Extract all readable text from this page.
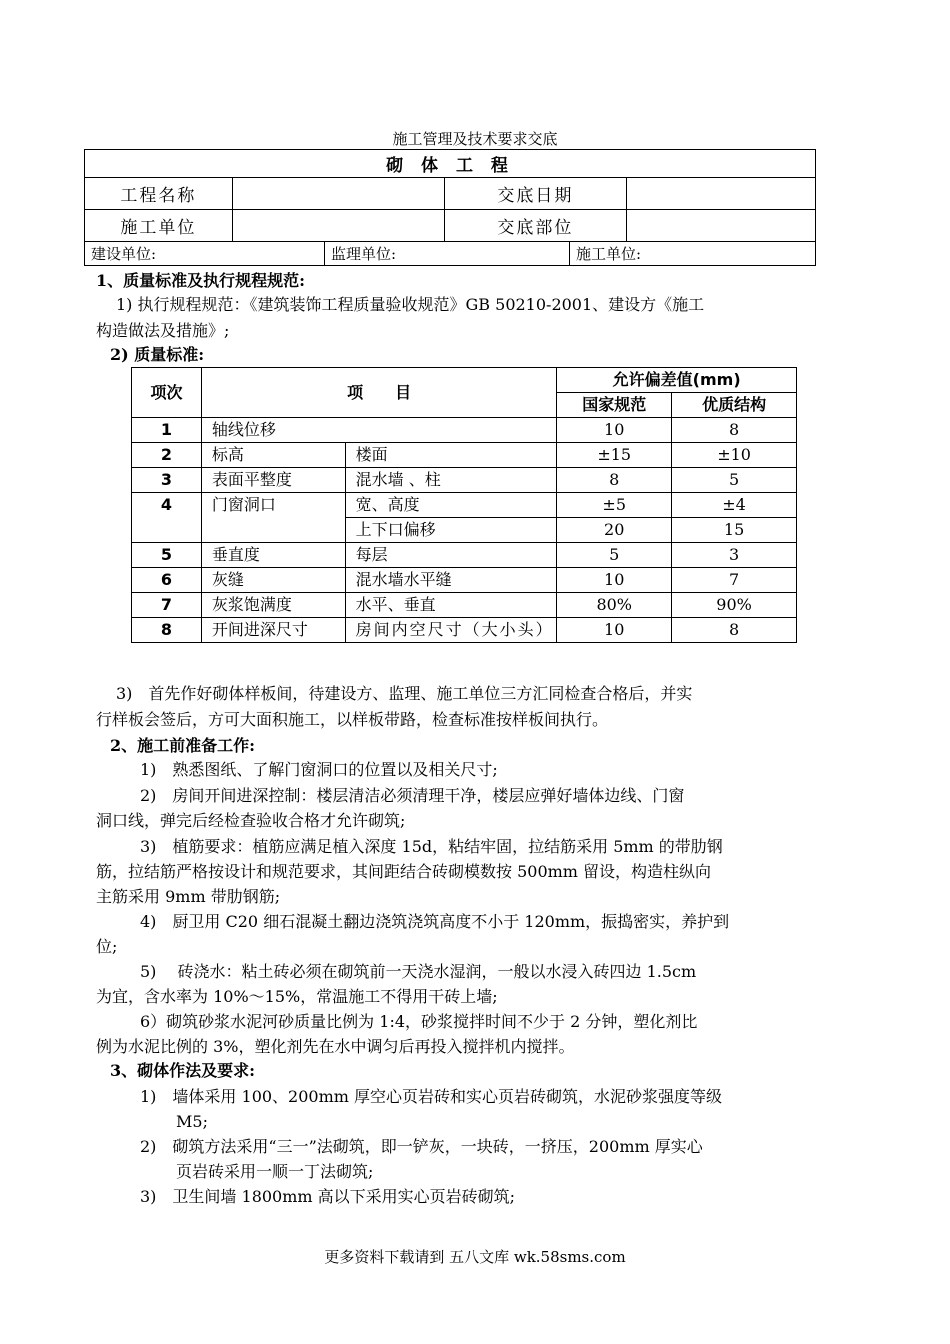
施工管理及技术要求交底
砌 体 工 程			
工程名称		交底日期	
施工单位		交底部位	
建设单位:	监理单位:	施工单位:
1、质量标准及执行规程规范:
1) 执行规程规范：《建筑装饰工程质量验收规范》GB 50210-2001、建设方《施工
构造做法及措施》;
2) 质量标准:
项次	项　　目		允许偏差值(mm)	
			国家规范	优质结构
1	轴线位移		10	8
2	标高	楼面	±15	±10
3	表面平整度	混水墙 、柱	8	5
4	门窗洞口	宽、高度	±5	±4
		上下口偏移	20	15
5	垂直度	每层	5	3
6	灰缝	混水墙水平缝	10	7
7	灰浆饱满度	水平、垂直	80%	90%
8	开间进深尺寸	房间内空尺寸（大小头）	10	8
3)　首先作好砌体样板间，待建设方、监理、施工单位三方汇同检查合格后，并实
行样板会签后，方可大面积施工，以样板带路，检查标准按样板间执行。
2、施工前准备工作:
1)　熟悉图纸、了解门窗洞口的位置以及相关尺寸;
2)　房间开间进深控制：楼层清洁必须清理干净，楼层应弹好墙体边线、门窗
洞口线，弹完后经检查验收合格才允许砌筑;
3)　植筋要求：植筋应满足植入深度 15d，粘结牢固，拉结筋采用 5mm 的带肋钢
筋，拉结筋严格按设计和规范要求，其间距结合砖砌模数按 500mm 留设，构造柱纵向
主筋采用 9mm 带肋钢筋;
4)　厨卫用 C20 细石混凝土翻边浇筑浇筑高度不小于 120mm，振捣密实，养护到
位;
5)　 砖浇水：粘土砖必须在砌筑前一天浇水湿润，一般以水浸入砖四边 1.5cm
为宜，含水率为 10%～15%，常温施工不得用干砖上墙;
6）砌筑砂浆水泥河砂质量比例为 1:4，砂浆搅拌时间不少于 2 分钟，塑化剂比
例为水泥比例的 3%，塑化剂先在水中调匀后再投入搅拌机内搅拌。
3、砌体作法及要求:
1)　墙体采用 100、200mm 厚空心页岩砖和实心页岩砖砌筑，水泥砂浆强度等级
M5;
2)　砌筑方法采用“三一”法砌筑，即一铲灰，一块砖，一挤压，200mm 厚实心
页岩砖采用一顺一丁法砌筑;
3)　卫生间墙 1800mm 高以下采用实心页岩砖砌筑;
更多资料下载请到 五八文库 wk.58sms.com
